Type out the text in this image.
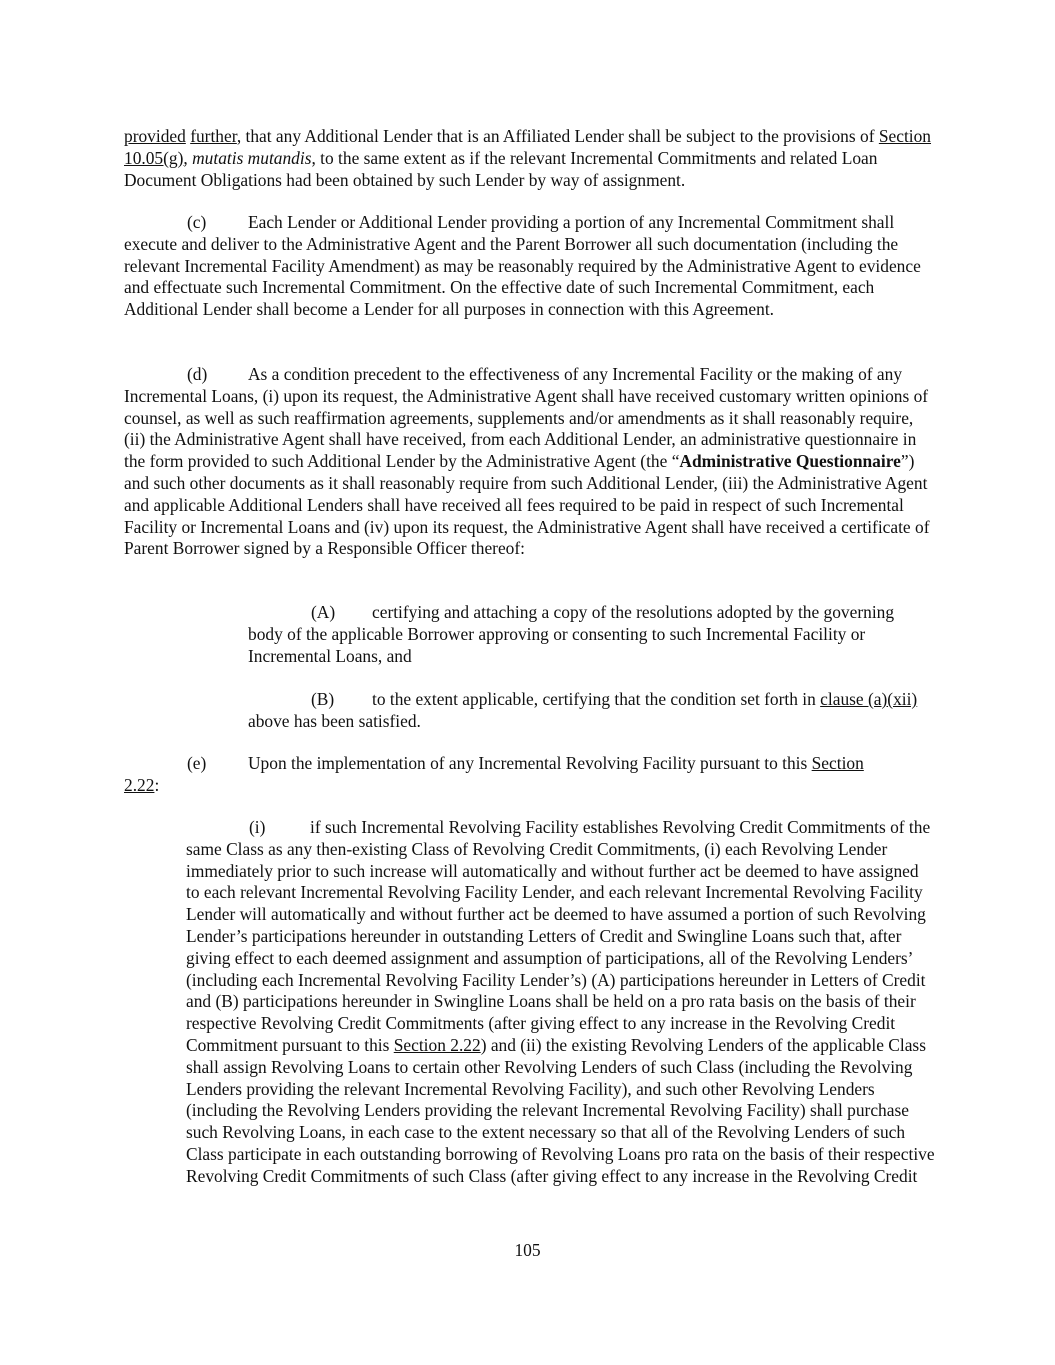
provided further, that any Additional Lender that is an Affiliated Lender shall be subject to the provisions of Section 10.05(g), mutatis mutandis, to the same extent as if the relevant Incremental Commitments and related Loan Document Obligations had been obtained by such Lender by way of assignment.

(c) Each Lender or Additional Lender providing a portion of any Incremental Commitment shall execute and deliver to the Administrative Agent and the Parent Borrower all such documentation (including the relevant Incremental Facility Amendment) as may be reasonably required by the Administrative Agent to evidence and effectuate such Incremental Commitment. On the effective date of such Incremental Commitment, each Additional Lender shall become a Lender for all purposes in connection with this Agreement.

(d) As a condition precedent to the effectiveness of any Incremental Facility or the making of any Incremental Loans, (i) upon its request, the Administrative Agent shall have received customary written opinions of counsel, as well as such reaffirmation agreements, supplements and/or amendments as it shall reasonably require, (ii) the Administrative Agent shall have received, from each Additional Lender, an administrative questionnaire in the form provided to such Additional Lender by the Administrative Agent (the “Administrative Questionnaire”) and such other documents as it shall reasonably require from such Additional Lender, (iii) the Administrative Agent and applicable Additional Lenders shall have received all fees required to be paid in respect of such Incremental Facility or Incremental Loans and (iv) upon its request, the Administrative Agent shall have received a certificate of Parent Borrower signed by a Responsible Officer thereof:

(A) certifying and attaching a copy of the resolutions adopted by the governing body of the applicable Borrower approving or consenting to such Incremental Facility or Incremental Loans, and

(B) to the extent applicable, certifying that the condition set forth in clause (a)(xii) above has been satisfied.

(e) Upon the implementation of any Incremental Revolving Facility pursuant to this Section
2.22:

(i)	if such Incremental Revolving Facility establishes Revolving Credit Commitments of the same Class as any then-existing Class of Revolving Credit Commitments, (i) each Revolving Lender immediately prior to such increase will automatically and without further act be deemed to have assigned to each relevant Incremental Revolving Facility Lender, and each relevant Incremental Revolving Facility Lender will automatically and without further act be deemed to have assumed a portion of such Revolving Lender’s participations hereunder in outstanding Letters of Credit and Swingline Loans such that, after giving effect to each deemed assignment and assumption of participations, all of the Revolving Lenders’ (including each Incremental Revolving Facility Lender’s) (A) participations hereunder in Letters of Credit and (B) participations hereunder in Swingline Loans shall be held on a pro rata basis on the basis of their respective Revolving Credit Commitments (after giving effect to any increase in the Revolving Credit Commitment pursuant to this Section 2.22) and (ii) the existing Revolving Lenders of the applicable Class shall assign Revolving Loans to certain other Revolving Lenders of such Class (including the Revolving Lenders providing the relevant Incremental Revolving Facility), and such other Revolving Lenders (including the Revolving Lenders providing the relevant Incremental Revolving Facility) shall purchase such Revolving Loans, in each case to the extent necessary so that all of the Revolving Lenders of such Class participate in each outstanding borrowing of Revolving Loans pro rata on the basis of their respective Revolving Credit Commitments of such Class (after giving effect to any increase in the Revolving Credit

105
